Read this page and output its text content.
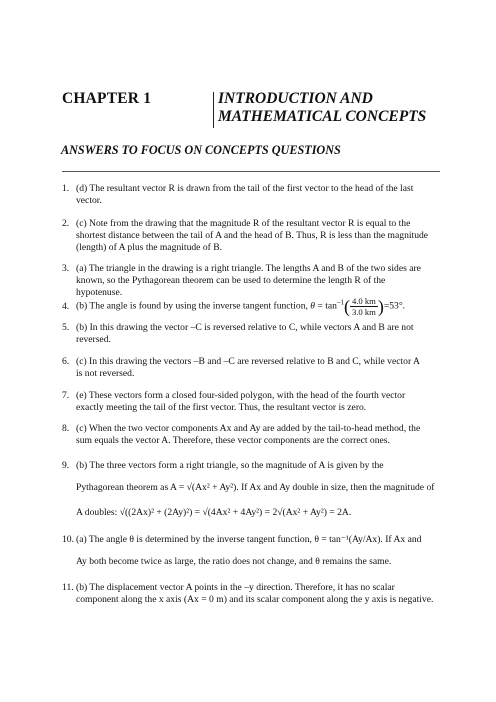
CHAPTER 1	INTRODUCTION AND
MATHEMATICAL CONCEPTS
ANSWERS TO FOCUS ON CONCEPTS QUESTIONS
1. (d) The resultant vector R is drawn from the tail of the first vector to the head of the last
vector.
2. (c) Note from the drawing that the magnitude R of the resultant vector R is equal to the
shortest distance between the tail of A and the head of B. Thus, R is less than the magnitude
(length) of A plus the magnitude of B.
3. (a) The triangle in the drawing is a right triangle. The lengths A and B of the two sides are
known, so the Pythagorean theorem can be used to determine the length R of the
hypotenuse.
4. (b) The angle is found by using the inverse tangent function, $\theta = \tan^{-1}( \frac{4.0 km}{3.0 km} )=53^\circ$.
5. (b) In this drawing the vector –C is reversed relative to C, while vectors A and B are not
reversed.
6. (c) In this drawing the vectors –B and –C are reversed relative to B and C, while vector A
is not reversed.
7. (e) These vectors form a closed four-sided polygon, with the head of the fourth vector
exactly meeting the tail of the first vector. Thus, the resultant vector is zero.
8. (c) When the two vector components Ax and Ay are added by the tail-to-head method, the
sum equals the vector A. Therefore, these vector components are the correct ones.
9. (b) The three vectors form a right triangle, so the magnitude of A is given by the
Pythagorean theorem as A = √(Ax² + Ay²). If Ax and Ay double in size, then the magnitude of
A doubles: √((2Ax)² + (2Ay)²) = √(4Ax² + 4Ay²) = 2√(Ax² + Ay²) = 2A.
10. (a) The angle θ is determined by the inverse tangent function, θ = tan⁻¹(Ay/Ax). If Ax and
Ay both become twice as large, the ratio does not change, and θ remains the same.
11. (b) The displacement vector A points in the –y direction. Therefore, it has no scalar
component along the x axis (Ax = 0 m) and its scalar component along the y axis is negative.
